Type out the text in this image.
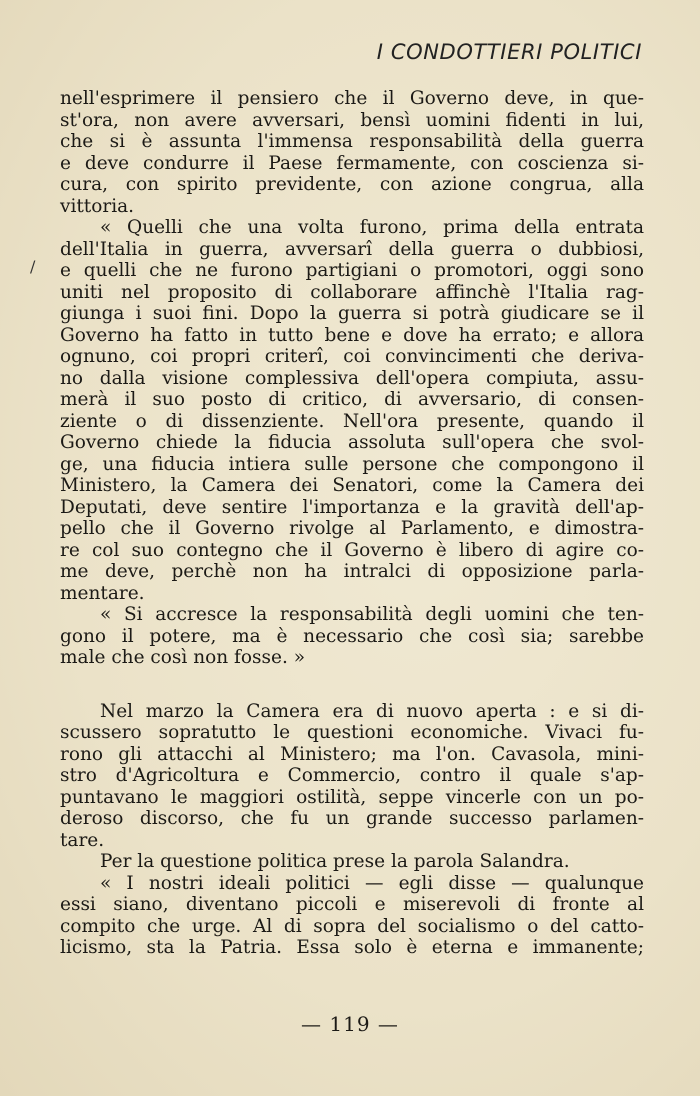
I CONDOTTIERI POLITICI
/
nell'esprimere il pensiero che il Governo deve, in que-
st'ora, non avere avversari, bensì uomini fidenti in lui,
che si è assunta l'immensa responsabilità della guerra
e deve condurre il Paese fermamente, con coscienza si-
cura, con spirito previdente, con azione congrua, alla
vittoria.
« Quelli che una volta furono, prima della entrata
dell'Italia in guerra, avversarî della guerra o dubbiosi,
e quelli che ne furono partigiani o promotori, oggi sono
uniti nel proposito di collaborare affinchè l'Italia rag-
giunga i suoi fini. Dopo la guerra si potrà giudicare se il
Governo ha fatto in tutto bene e dove ha errato; e allora
ognuno, coi propri criterî, coi convincimenti che deriva-
no dalla visione complessiva dell'opera compiuta, assu-
merà il suo posto di critico, di avversario, di consen-
ziente o di dissenziente. Nell'ora presente, quando il
Governo chiede la fiducia assoluta sull'opera che svol-
ge, una fiducia intiera sulle persone che compongono il
Ministero, la Camera dei Senatori, come la Camera dei
Deputati, deve sentire l'importanza e la gravità dell'ap-
pello che il Governo rivolge al Parlamento, e dimostra-
re col suo contegno che il Governo è libero di agire co-
me deve, perchè non ha intralci di opposizione parla-
mentare.
« Si accresce la responsabilità degli uomini che ten-
gono il potere, ma è necessario che così sia; sarebbe
male che così non fosse. »
Nel marzo la Camera era di nuovo aperta : e si di-
scussero sopratutto le questioni economiche. Vivaci fu-
rono gli attacchi al Ministero; ma l'on. Cavasola, mini-
stro d'Agricoltura e Commercio, contro il quale s'ap-
puntavano le maggiori ostilità, seppe vincerle con un po-
deroso discorso, che fu un grande successo parlamen-
tare.
Per la questione politica prese la parola Salandra.
« I nostri ideali politici — egli disse — qualunque
essi siano, diventano piccoli e miserevoli di fronte al
compito che urge. Al di sopra del socialismo o del catto-
licismo, sta la Patria. Essa solo è eterna e immanente;
— 119 —
